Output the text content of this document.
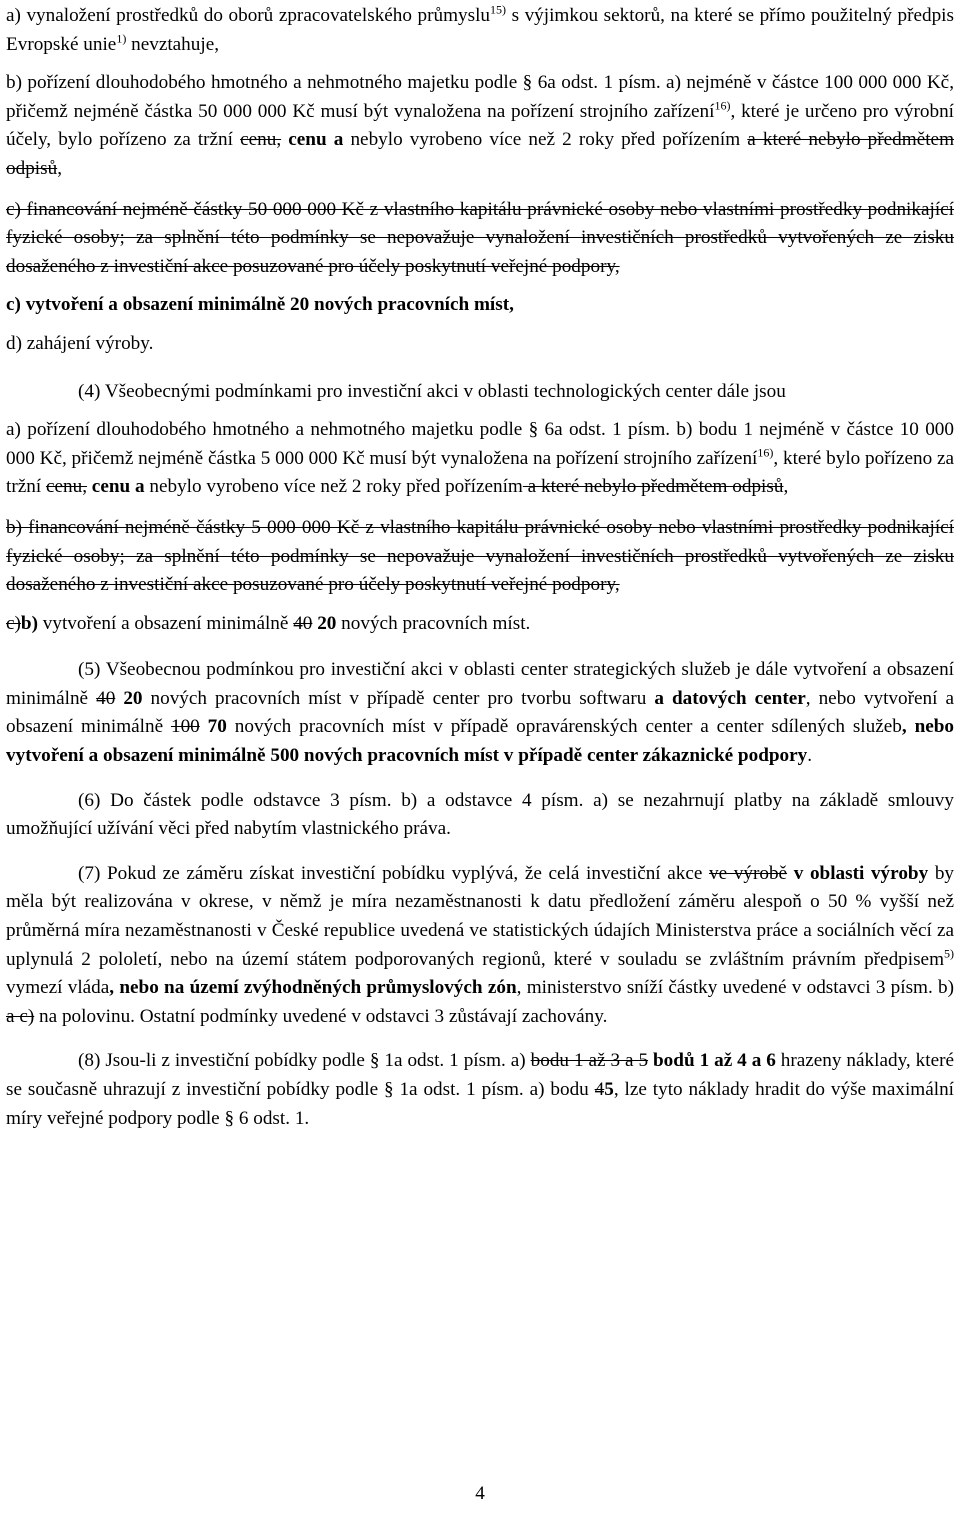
a) vynaložení prostředků do oborů zpracovatelského průmyslu$^{15)}$ s výjimkou sektorů, na které se přímo použitelný předpis Evropské unie$^{1)}$ nevztahuje,

b) pořízení dlouhodobého hmotného a nehmotného majetku podle § 6a odst. 1 písm. a) nejméně v částce 100 000 000 Kč, přičemž nejméně částka 50 000 000 Kč musí být vynaložena na pořízení strojního zařízení$^{16)}$, které je určeno pro výrobní účely, bylo pořízeno za tržní cenu, cenu a nebylo vyrobeno více než 2 roky před pořízením a které nebylo předmětem odpisů,

c) financování nejméně částky 50 000 000 Kč z vlastního kapitálu právnické osoby nebo vlastními prostředky podnikající fyzické osoby; za splnění této podmínky se nepovažuje vynaložení investičních prostředků vytvořených ze zisku dosaženého z investiční akce posuzované pro účely poskytnutí veřejné podpory,

c) vytvoření a obsazení minimálně 20 nových pracovních míst,

d) zahájení výroby.

(4) Všeobecnými podmínkami pro investiční akci v oblasti technologických center dále jsou

a) pořízení dlouhodobého hmotného a nehmotného majetku podle § 6a odst. 1 písm. b) bodu 1 nejméně v částce 10 000 000 Kč, přičemž nejméně částka 5 000 000 Kč musí být vynaložena na pořízení strojního zařízení$^{16)}$, které bylo pořízeno za tržní cenu, cenu a nebylo vyrobeno více než 2 roky před pořízením a které nebylo předmětem odpisů,

b) financování nejméně částky 5 000 000 Kč z vlastního kapitálu právnické osoby nebo vlastními prostředky podnikající fyzické osoby; za splnění této podmínky se nepovažuje vynaložení investičních prostředků vytvořených ze zisku dosaženého z investiční akce posuzované pro účely poskytnutí veřejné podpory,

c)b) vytvoření a obsazení minimálně 40 20 nových pracovních míst.

(5) Všeobecnou podmínkou pro investiční akci v oblasti center strategických služeb je dále vytvoření a obsazení minimálně 40 20 nových pracovních míst v případě center pro tvorbu softwaru a datových center, nebo vytvoření a obsazení minimálně 100 70 nových pracovních míst v případě opravárenských center a center sdílených služeb, nebo vytvoření a obsazení minimálně 500 nových pracovních míst v případě center zákaznické podpory.

(6) Do částek podle odstavce 3 písm. b) a odstavce 4 písm. a) se nezahrnují platby na základě smlouvy umožňující užívání věci před nabytím vlastnického práva.

(7) Pokud ze záměru získat investiční pobídku vyplývá, že celá investiční akce ve výrobě v oblasti výroby by měla být realizována v okrese, v němž je míra nezaměstnanosti k datu předložení záměru alespoň o 50 % vyšší než průměrná míra nezaměstnanosti v České republice uvedená ve statistických údajích Ministerstva práce a sociálních věcí za uplynulá 2 pololetí, nebo na území státem podporovaných regionů, které v souladu se zvláštním právním předpisem$^{5)}$ vymezí vláda, nebo na území zvýhodněných průmyslových zón, ministerstvo sníží částky uvedené v odstavci 3 písm. b) a c) na polovinu. Ostatní podmínky uvedené v odstavci 3 zůstávají zachovány.

(8) Jsou-li z investiční pobídky podle § 1a odst. 1 písm. a) bodu 1 až 3 a 5 bodů 1 až 4 a 6 hrazeny náklady, které se současně uhrazují z investiční pobídky podle § 1a odst. 1 písm. a) bodu 45, lze tyto náklady hradit do výše maximální míry veřejné podpory podle § 6 odst. 1.

4
